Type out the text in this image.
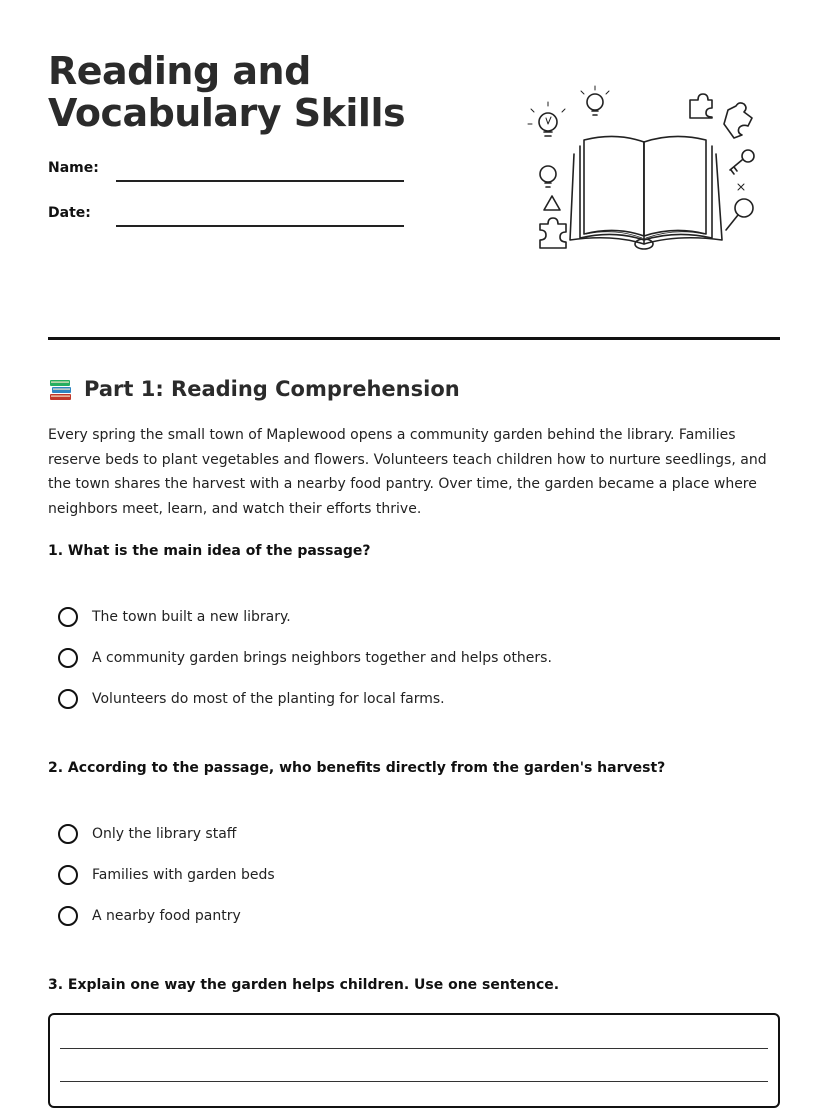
Reading and Vocabulary Skills
Name:
Date:
Part 1: Reading Comprehension

Every spring the small town of Maplewood opens a community garden behind the library. Families reserve beds to plant vegetables and flowers. Volunteers teach children how to nurture seedlings, and the town shares the harvest with a nearby food pantry. Over time, the garden became a place where neighbors meet, learn, and watch their efforts thrive.

1. What is the main idea of the passage?
The town built a new library.
A community garden brings neighbors together and helps others.
Volunteers do most of the planting for local farms.
2. According to the passage, who benefits directly from the garden's harvest?
Only the library staff
Families with garden beds
A nearby food pantry
3. Explain one way the garden helps children. Use one sentence.
